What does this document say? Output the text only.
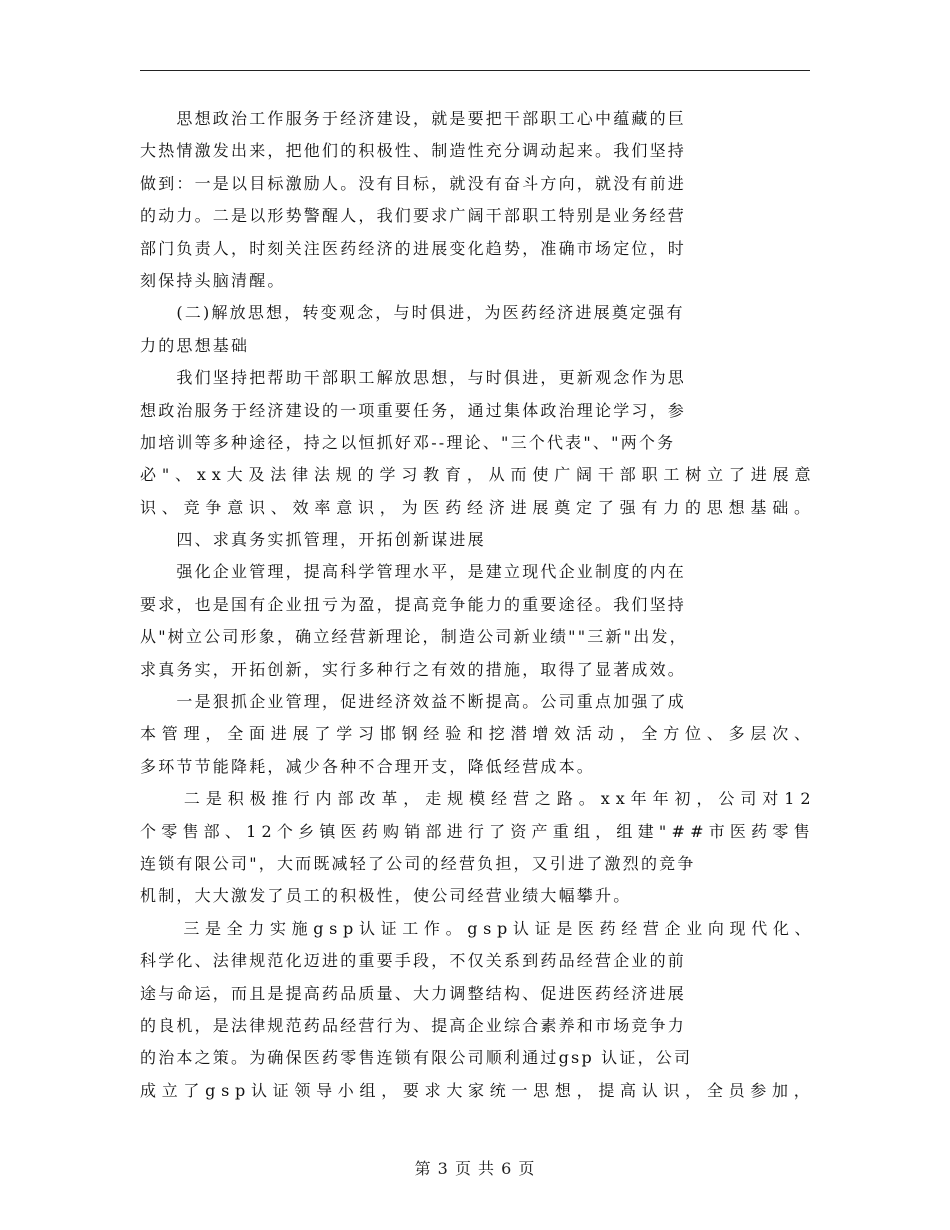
　　思想政治工作服务于经济建设，就是要把干部职工心中蕴藏的巨
大热情激发出来，把他们的积极性、制造性充分调动起来。我们坚持
做到：一是以目标激励人。没有目标，就没有奋斗方向，就没有前进
的动力。二是以形势警醒人，我们要求广阔干部职工特别是业务经营
部门负责人，时刻关注医药经济的进展变化趋势，准确市场定位，时
刻保持头脑清醒。
　　(二)解放思想，转变观念，与时俱进，为医药经济进展奠定强有
力的思想基础
　　我们坚持把帮助干部职工解放思想，与时俱进，更新观念作为思
想政治服务于经济建设的一项重要任务，通过集体政治理论学习，参
加培训等多种途径，持之以恒抓好邓--理论、"三个代表"、"两个务
必"、xx大及法律法规的学习教育，从而使广阔干部职工树立了进展意
识、竞争意识、效率意识，为医药经济进展奠定了强有力的思想基础。
　　四、求真务实抓管理，开拓创新谋进展
　　强化企业管理，提高科学管理水平，是建立现代企业制度的内在
要求，也是国有企业扭亏为盈，提高竞争能力的重要途径。我们坚持
从"树立公司形象，确立经营新理论，制造公司新业绩""三新"出发，
求真务实，开拓创新，实行多种行之有效的措施，取得了显著成效。
　　一是狠抓企业管理，促进经济效益不断提高。公司重点加强了成
本管理，全面进展了学习邯钢经验和挖潜增效活动，全方位、多层次、
多环节节能降耗，减少各种不合理开支，降低经营成本。
　　二是积极推行内部改革，走规模经营之路。xx年年初，公司对12
个零售部、12个乡镇医药购销部进行了资产重组，组建"##市医药零售
连锁有限公司"，大而既减轻了公司的经营负担，又引进了激烈的竞争
机制，大大激发了员工的积极性，使公司经营业绩大幅攀升。
　　三是全力实施gsp认证工作。gsp认证是医药经营企业向现代化、
科学化、法律规范化迈进的重要手段，不仅关系到药品经营企业的前
途与命运，而且是提高药品质量、大力调整结构、促进医药经济进展
的良机，是法律规范药品经营行为、提高企业综合素养和市场竞争力
的治本之策。为确保医药零售连锁有限公司顺利通过gsp 认证，公司
成立了gsp认证领导小组，要求大家统一思想，提高认识，全员参加，
第 3 页 共 6 页
